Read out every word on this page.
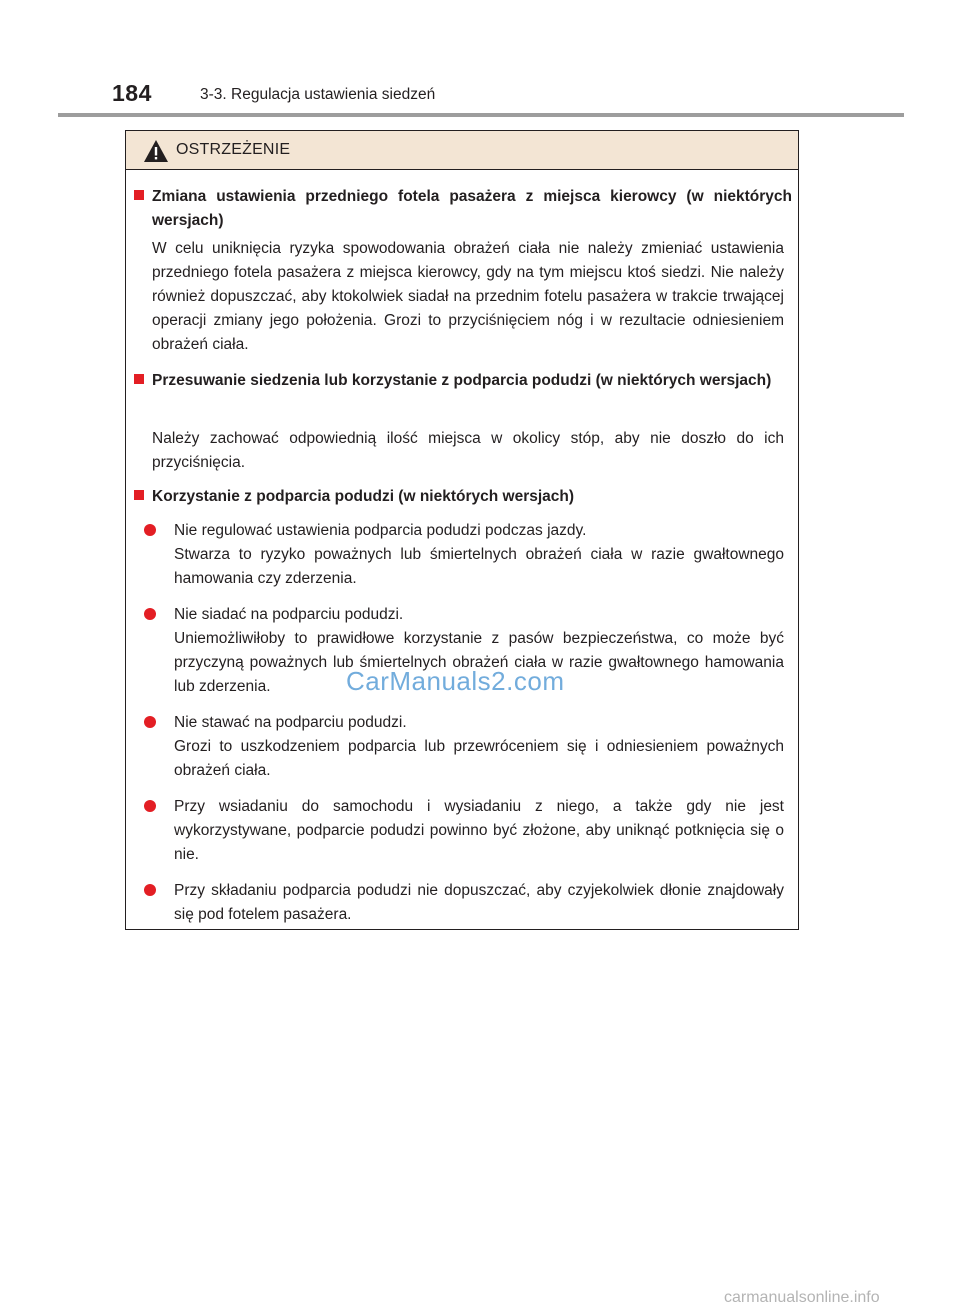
184	3-3. Regulacja ustawienia siedzeń
OSTRZEŻENIE
Zmiana ustawienia przedniego fotela pasażera z miejsca kierowcy (w niektórych wersjach)
W celu uniknięcia ryzyka spowodowania obrażeń ciała nie należy zmieniać ustawienia przedniego fotela pasażera z miejsca kierowcy, gdy na tym miejscu ktoś siedzi. Nie należy również dopuszczać, aby ktokolwiek siadał na przednim fotelu pasażera w trakcie trwającej operacji zmiany jego położenia. Grozi to przyciśnięciem nóg i w rezultacie odniesieniem obrażeń ciała.
Przesuwanie siedzenia lub korzystanie z podparcia podudzi (w niektórych wersjach)
Należy zachować odpowiednią ilość miejsca w okolicy stóp, aby nie doszło do ich przyciśnięcia.
Korzystanie z podparcia podudzi (w niektórych wersjach)
Nie regulować ustawienia podparcia podudzi podczas jazdy.
Stwarza to ryzyko poważnych lub śmiertelnych obrażeń ciała w razie gwałtownego hamowania czy zderzenia.
Nie siadać na podparciu podudzi.
Uniemożliwiłoby to prawidłowe korzystanie z pasów bezpieczeństwa, co może być przyczyną poważnych lub śmiertelnych obrażeń ciała w razie gwałtownego hamowania lub zderzenia.
Nie stawać na podparciu podudzi.
Grozi to uszkodzeniem podparcia lub przewróceniem się i odniesieniem poważnych obrażeń ciała.
Przy wsiadaniu do samochodu i wysiadaniu z niego, a także gdy nie jest wykorzystywane, podparcie podudzi powinno być złożone, aby uniknąć potknięcia się o nie.
Przy składaniu podparcia podudzi nie dopuszczać, aby czyjekolwiek dłonie znajdowały się pod fotelem pasażera.
CarManuals2.com
carmanualsonline.info
